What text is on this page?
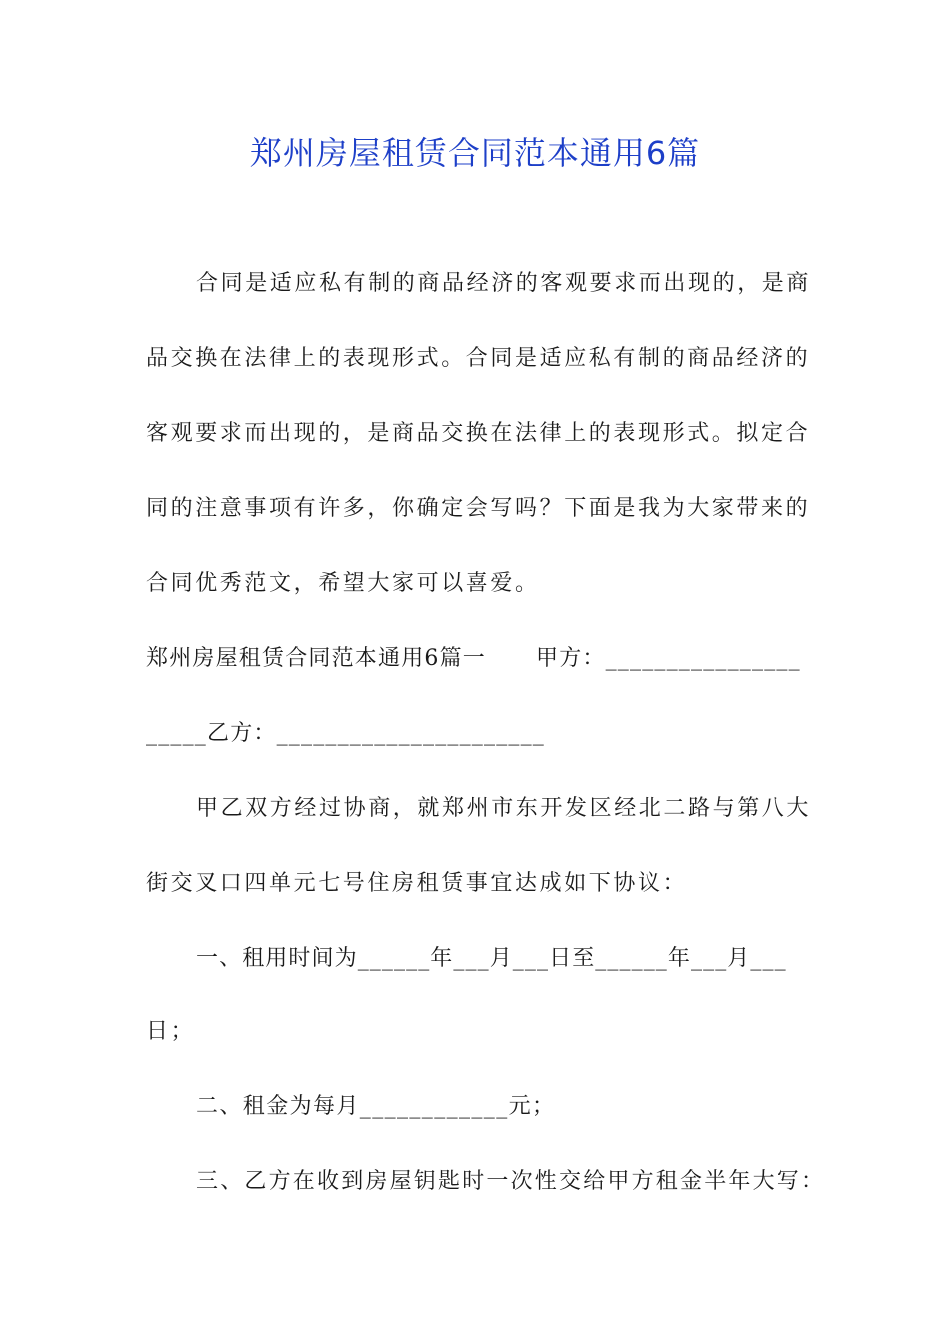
郑州房屋租赁合同范本通用6篇
合同是适应私有制的商品经济的客观要求而出现的，是商
品交换在法律上的表现形式。合同是适应私有制的商品经济的
客观要求而出现的，是商品交换在法律上的表现形式。拟定合
同的注意事项有许多，你确定会写吗？下面是我为大家带来的
合同优秀范文，希望大家可以喜爱。
郑州房屋租赁合同范本通用6篇一 甲方：________________
_____乙方：______________________
甲乙双方经过协商，就郑州市东开发区经北二路与第八大
街交叉口四单元七号住房租赁事宜达成如下协议：
一、租用时间为______年___月___日至______年___月___
日；
二、租金为每月____________元；
三、乙方在收到房屋钥匙时一次性交给甲方租金半年大写：
